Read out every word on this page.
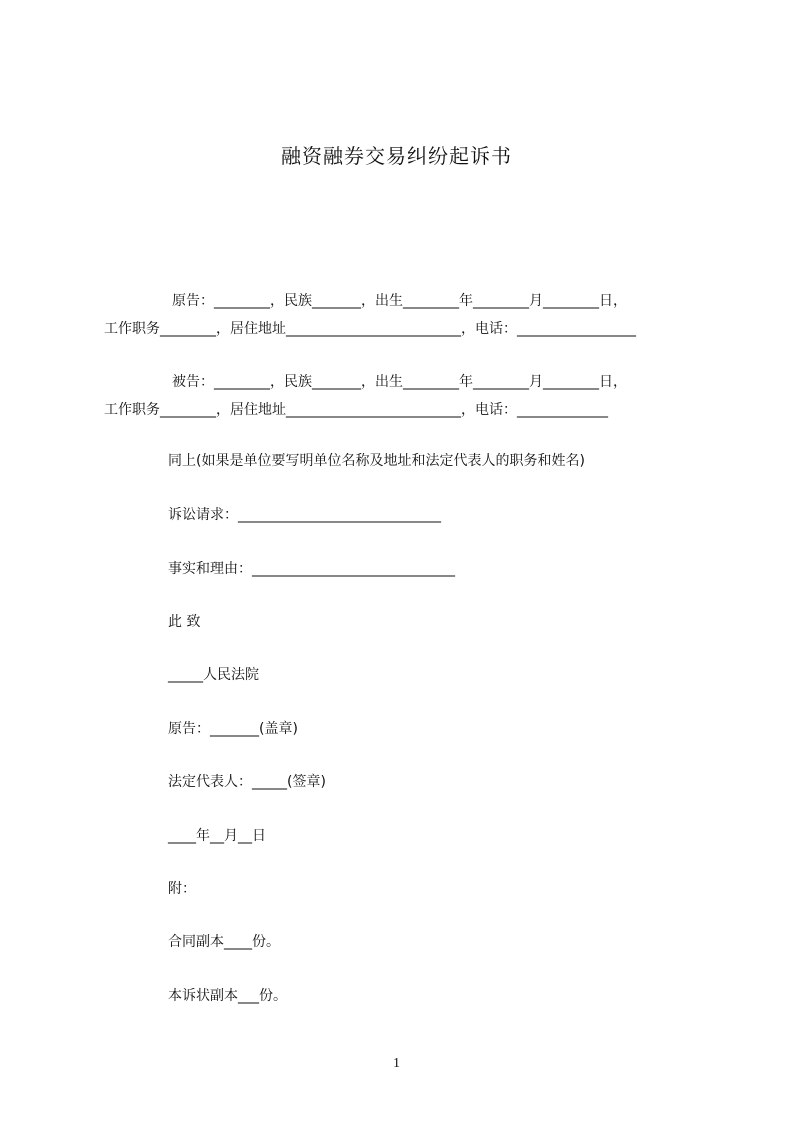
融资融券交易纠纷起诉书
原告：________，民族_______，出生________年________月________日，
工作职务________，居住地址_________________________，电话：_________________
被告：________，民族_______，出生________年________月________日，
工作职务________，居住地址_________________________，电话：_____________
同上(如果是单位要写明单位名称及地址和法定代表人的职务和姓名)
诉讼请求：_____________________________
事实和理由：_____________________________
此 致
_____人民法院
原告：_______(盖章)
法定代表人：_____(签章)
____年__月__日
附：
合同副本____份。
本诉状副本___份。
1
